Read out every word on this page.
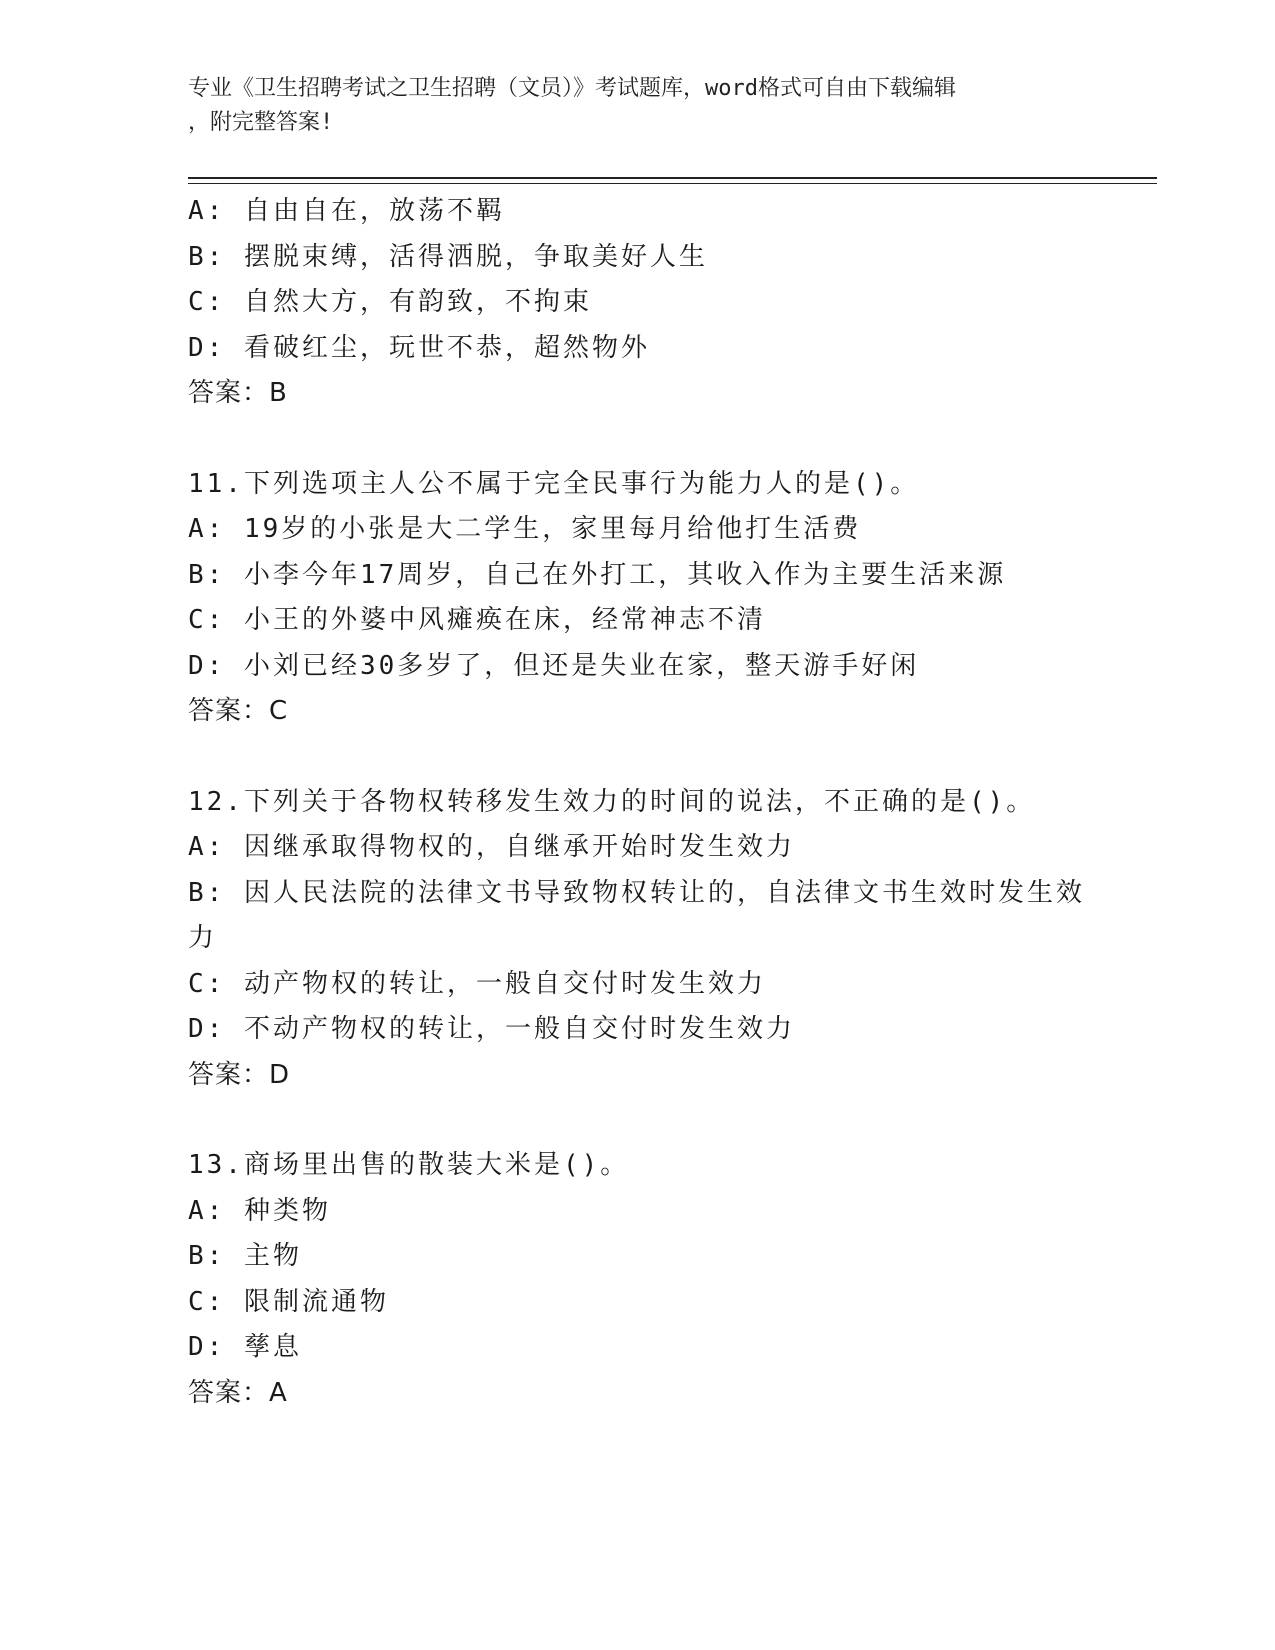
专业《卫生招聘考试之卫生招聘（文员）》考试题库，word格式可自由下载编辑
，附完整答案!
A: 自由自在，放荡不羁
B: 摆脱束缚，活得洒脱，争取美好人生
C: 自然大方，有韵致，不拘束
D: 看破红尘，玩世不恭，超然物外
答案：B
11.下列选项主人公不属于完全民事行为能力人的是()。
A: 19岁的小张是大二学生，家里每月给他打生活费
B: 小李今年17周岁，自己在外打工，其收入作为主要生活来源
C: 小王的外婆中风瘫痪在床，经常神志不清
D: 小刘已经30多岁了，但还是失业在家，整天游手好闲
答案：C
12.下列关于各物权转移发生效力的时间的说法，不正确的是()。
A: 因继承取得物权的，自继承开始时发生效力
B: 因人民法院的法律文书导致物权转让的，自法律文书生效时发生效力
C: 动产物权的转让，一般自交付时发生效力
D: 不动产物权的转让，一般自交付时发生效力
答案：D
13.商场里出售的散装大米是()。
A: 种类物
B: 主物
C: 限制流通物
D: 孳息
答案：A
